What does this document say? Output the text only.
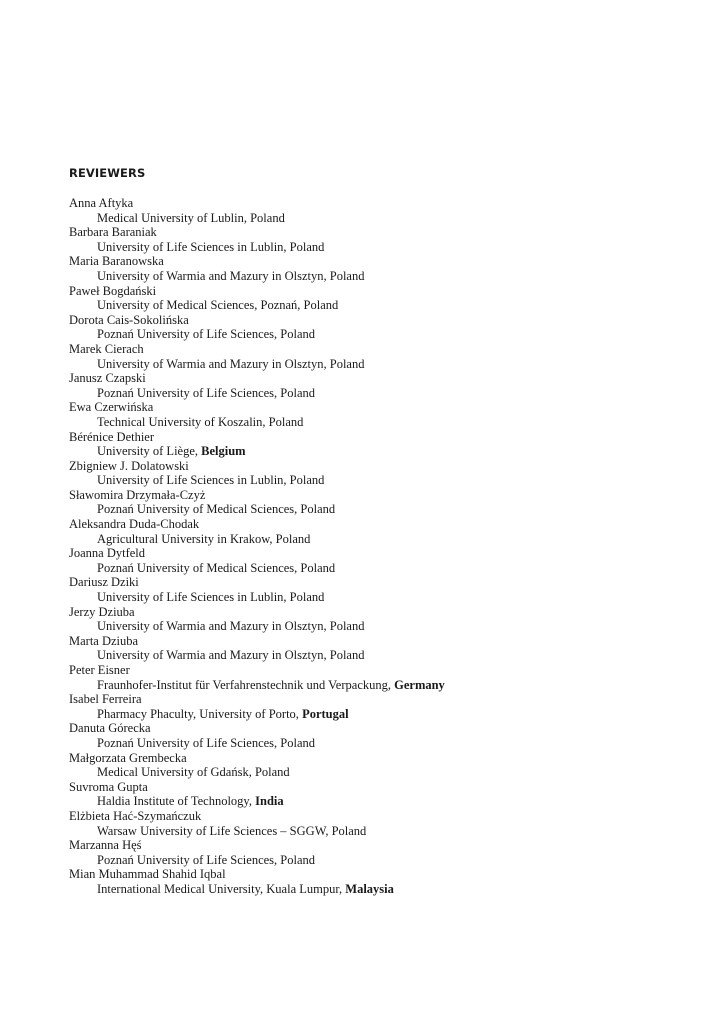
REVIEWERS
Anna Aftyka
Medical University of Lublin, Poland
Barbara Baraniak
University of Life Sciences in Lublin, Poland
Maria Baranowska
University of Warmia and Mazury in Olsztyn, Poland
Paweł Bogdański
University of Medical Sciences, Poznań, Poland
Dorota Cais-Sokolińska
Poznań University of Life Sciences, Poland
Marek Cierach
University of Warmia and Mazury in Olsztyn, Poland
Janusz Czapski
Poznań University of Life Sciences, Poland
Ewa Czerwińska
Technical University of Koszalin, Poland
Bérénice Dethier
University of Liège, Belgium
Zbigniew J. Dolatowski
University of Life Sciences in Lublin, Poland
Sławomira Drzymała-Czyż
Poznań University of Medical Sciences, Poland
Aleksandra Duda-Chodak
Agricultural University in Krakow, Poland
Joanna Dytfeld
Poznań University of Medical Sciences, Poland
Dariusz Dziki
University of Life Sciences in Lublin, Poland
Jerzy Dziuba
University of Warmia and Mazury in Olsztyn, Poland
Marta Dziuba
University of Warmia and Mazury in Olsztyn, Poland
Peter Eisner
Fraunhofer-Institut für Verfahrenstechnik und Verpackung, Germany
Isabel Ferreira
Pharmacy Phaculty, University of Porto, Portugal
Danuta Górecka
Poznań University of Life Sciences, Poland
Małgorzata Grembecka
Medical University of Gdańsk, Poland
Suvroma Gupta
Haldia Institute of Technology, India
Elżbieta Hać-Szymańczuk
Warsaw University of Life Sciences – SGGW, Poland
Marzanna Hęś
Poznań University of Life Sciences, Poland
Mian Muhammad Shahid Iqbal
International Medical University, Kuala Lumpur, Malaysia
